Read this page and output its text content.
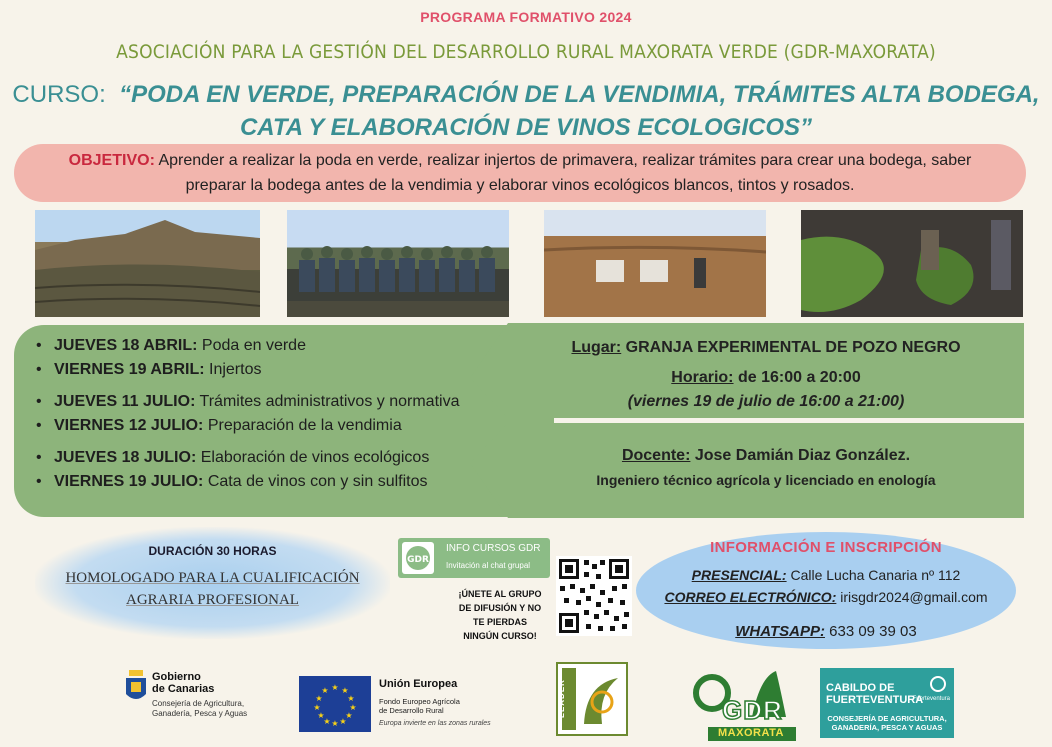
PROGRAMA FORMATIVO 2024
ASOCIACIÓN PARA LA GESTIÓN DEL DESARROLLO RURAL MAXORATA VERDE (GDR-MAXORATA)
CURSO: “PODA EN VERDE, PREPARACIÓN DE LA VENDIMIA, TRÁMITES ALTA BODEGA,
CATA Y ELABORACIÓN DE VINOS ECOLOGICOS”
OBJETIVO: Aprender a realizar la poda en verde, realizar injertos de primavera, realizar trámites para crear una bodega, saber
preparar la bodega antes de la vendimia y elaborar vinos ecológicos blancos, tintos y rosados.
• JUEVES 18 ABRIL: Poda en verde
• VIERNES 19 ABRIL: Injertos
• JUEVES 11 JULIO: Trámites administrativos y normativa
• VIERNES 12 JULIO: Preparación de la vendimia
• JUEVES 18 JULIO: Elaboración de vinos ecológicos
• VIERNES 19 JULIO: Cata de vinos con y sin sulfitos
Lugar: GRANJA EXPERIMENTAL DE POZO NEGRO
Horario: de 16:00 a 20:00
(viernes 19 de julio de 16:00 a 21:00)
Docente: Jose Damián Diaz González.
Ingeniero técnico agrícola y licenciado en enología
DURACIÓN 30 HORAS
HOMOLOGADO PARA LA CUALIFICACIÓN
AGRARIA PROFESIONAL
GDR
INFO CURSOS GDR
Invitación al chat grupal
¡ÚNETE AL GRUPO
DE DIFUSIÓN Y NO
TE PIERDAS
NINGÚN CURSO!
INFORMACIÓN E INSCRIPCIÓN
PRESENCIAL: Calle Lucha Canaria nº 112
CORREO ELECTRÓNICO: irisgdr2024@gmail.com
WHATSAPP: 633 09 39 03
Gobierno
de Canarias
Consejería de Agricultura,
Ganadería, Pesca y Aguas
★ ★
★
★
★
★
★
★
★
★
★
★
Unión Europea
Fondo Europeo Agrícola
de Desarrollo Rural
Europa invierte en las zonas rurales
LEADER	GDR
MAXORATA
CABILDO DE
FUERTEVENTURA
Fuerteventura
CONSEJERÍA DE AGRICULTURA,
GANADERÍA, PESCA Y AGUAS
